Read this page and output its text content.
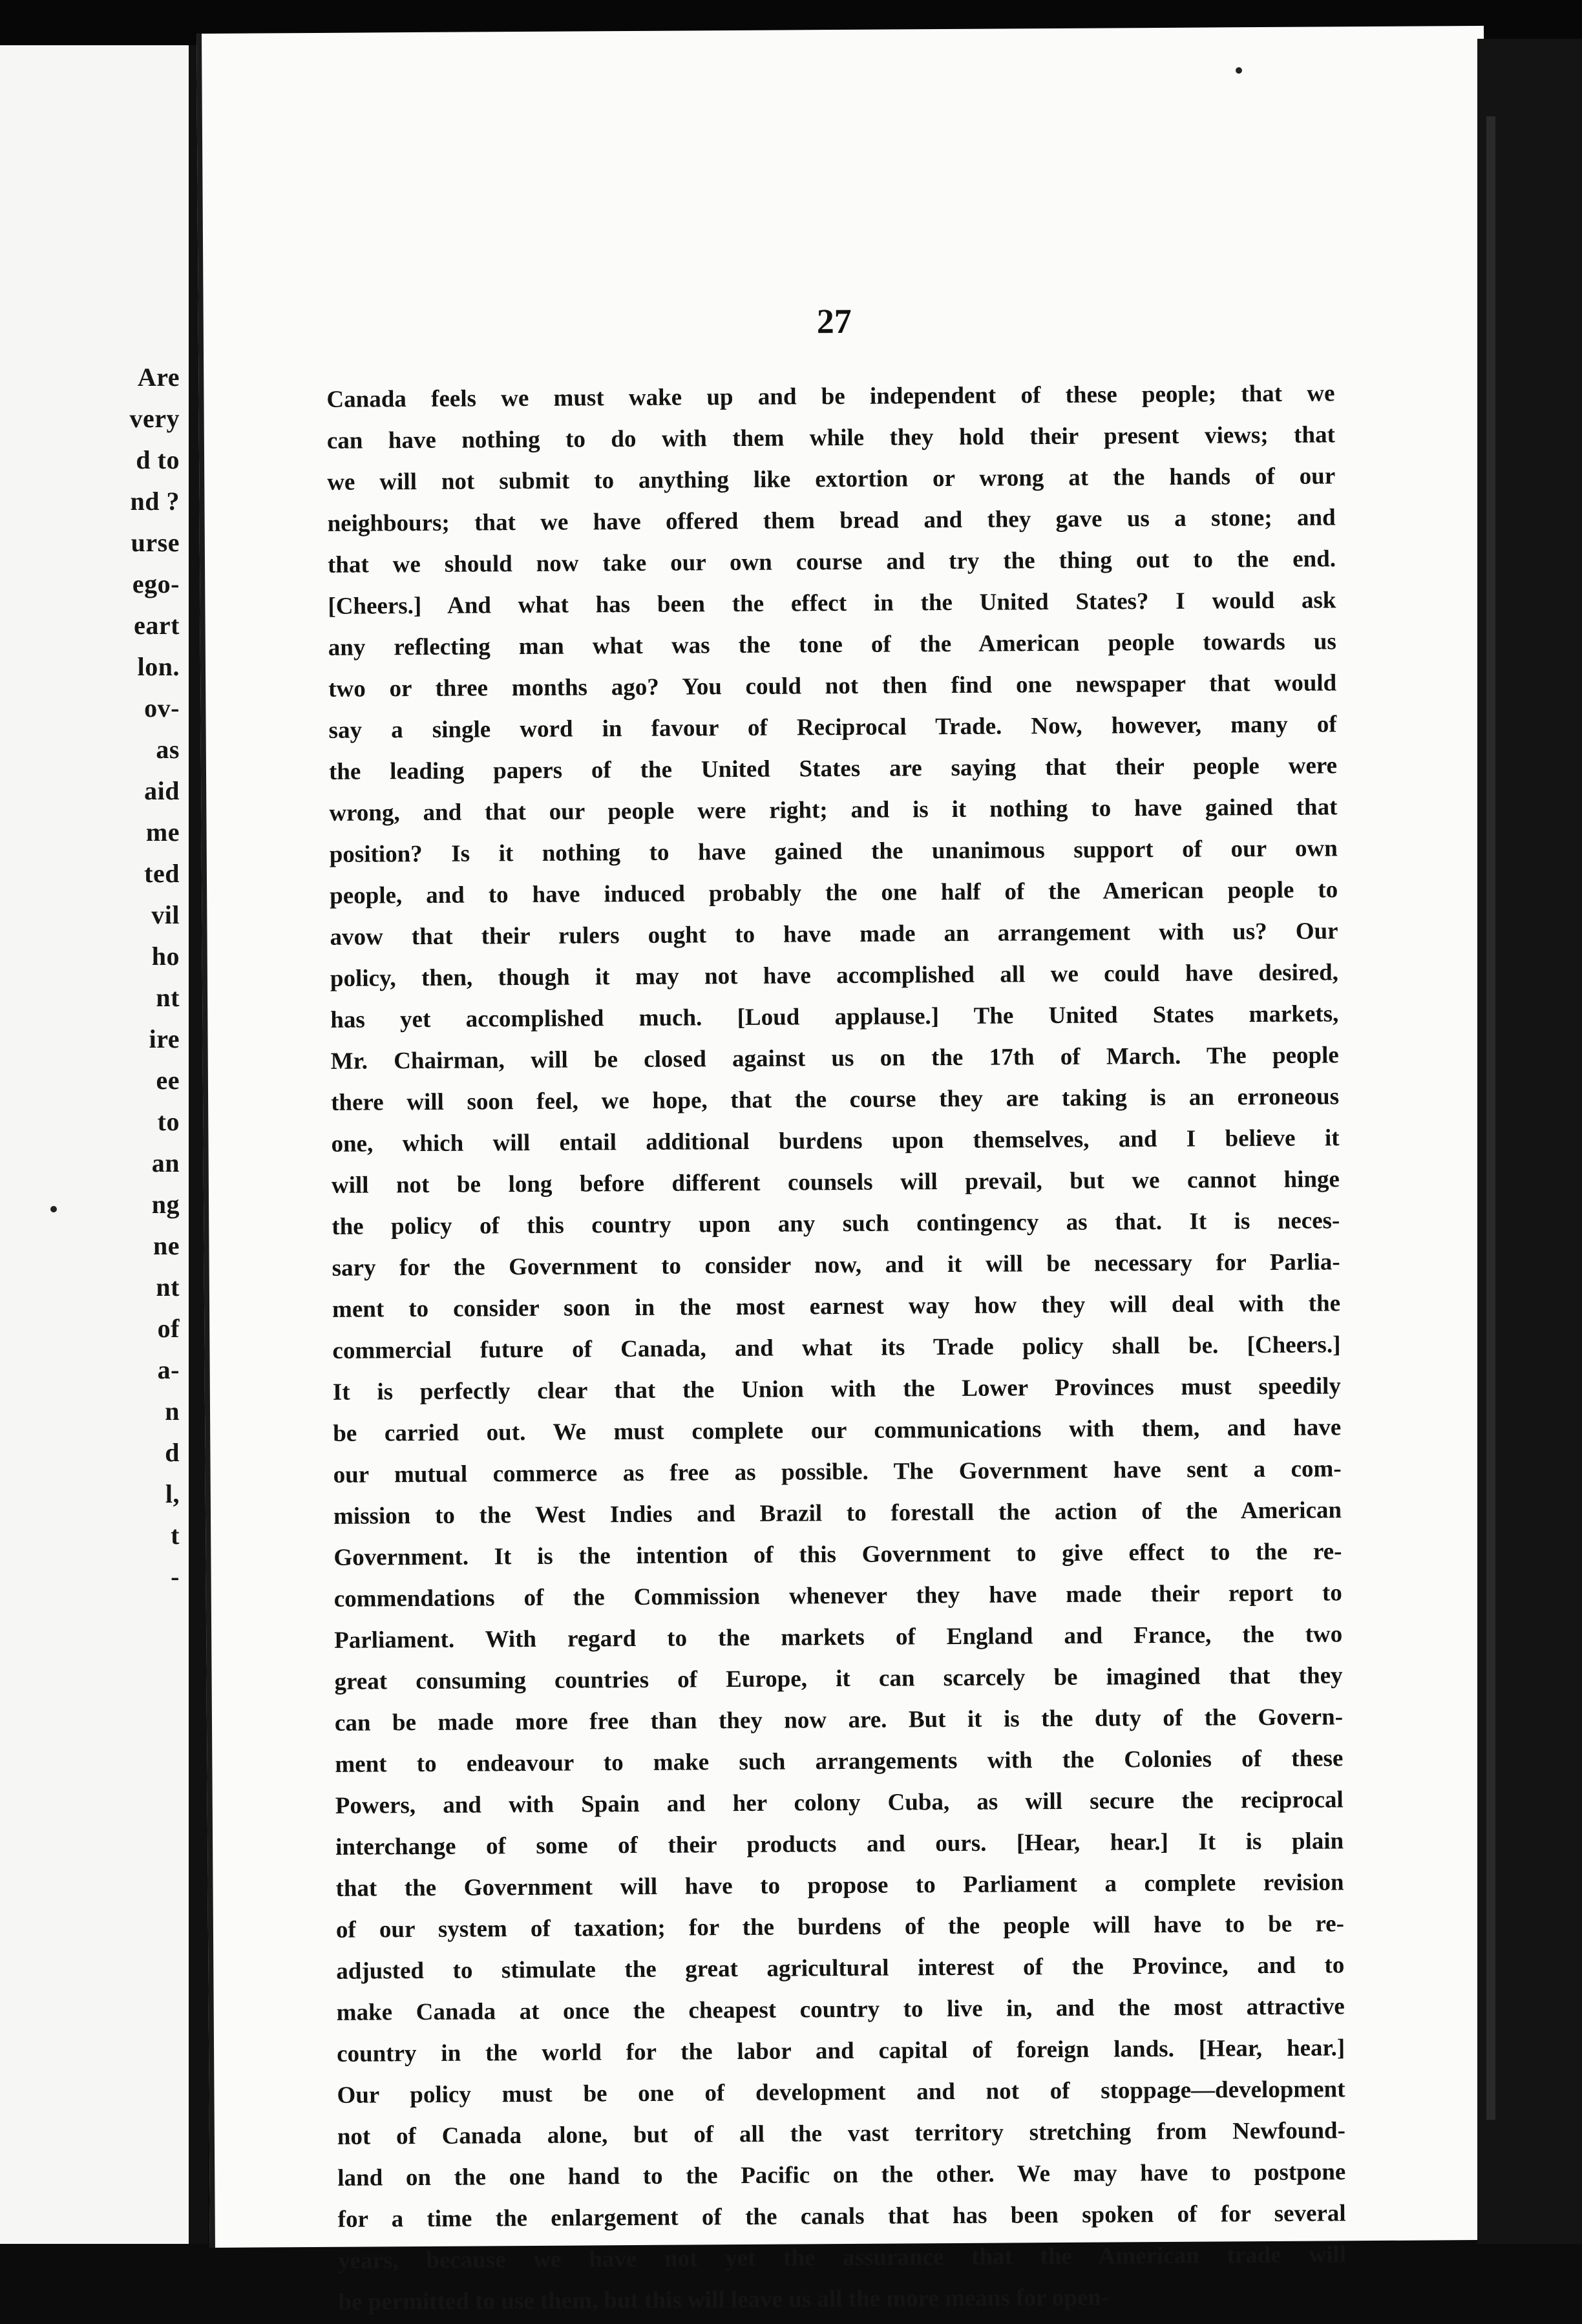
Are
very
d to
nd ?
urse
ego-
eart
lon.
ov-
as
aid
me
ted
vil
ho
nt
ire
ee
to
an
ng
ne
nt
of
a-
n
d
l,
t
-
27
Canada feels we must wake up and be independent of these people; that we
can have nothing to do with them while they hold their present views; that
we will not submit to anything like extortion or wrong at the hands of our
neighbours; that we have offered them bread and they gave us a stone; and
that we should now take our own course and try the thing out to the end.
[Cheers.] And what has been the effect in the United States? I would ask
any reflecting man what was the tone of the American people towards us
two or three months ago? You could not then find one newspaper that would
say a single word in favour of Reciprocal Trade. Now, however, many of
the leading papers of the United States are saying that their people were
wrong, and that our people were right; and is it nothing to have gained that
position? Is it nothing to have gained the unanimous support of our own
people, and to have induced probably the one half of the American people to
avow that their rulers ought to have made an arrangement with us? Our
policy, then, though it may not have accomplished all we could have desired,
has yet accomplished much. [Loud applause.] The United States markets,
Mr. Chairman, will be closed against us on the 17th of March. The people
there will soon feel, we hope, that the course they are taking is an erroneous
one, which will entail additional burdens upon themselves, and I believe it
will not be long before different counsels will prevail, but we cannot hinge
the policy of this country upon any such contingency as that. It is neces-
sary for the Government to consider now, and it will be necessary for Parlia-
ment to consider soon in the most earnest way how they will deal with the
commercial future of Canada, and what its Trade policy shall be. [Cheers.]
It is perfectly clear that the Union with the Lower Provinces must speedily
be carried out. We must complete our communications with them, and have
our mutual commerce as free as possible. The Government have sent a com-
mission to the West Indies and Brazil to forestall the action of the American
Government. It is the intention of this Government to give effect to the re-
commendations of the Commission whenever they have made their report to
Parliament. With regard to the markets of England and France, the two
great consuming countries of Europe, it can scarcely be imagined that they
can be made more free than they now are. But it is the duty of the Govern-
ment to endeavour to make such arrangements with the Colonies of these
Powers, and with Spain and her colony Cuba, as will secure the reciprocal
interchange of some of their products and ours. [Hear, hear.] It is plain
that the Government will have to propose to Parliament a complete revision
of our system of taxation; for the burdens of the people will have to be re-
adjusted to stimulate the great agricultural interest of the Province, and to
make Canada at once the cheapest country to live in, and the most attractive
country in the world for the labor and capital of foreign lands. [Hear, hear.]
Our policy must be one of development and not of stoppage—development
not of Canada alone, but of all the vast territory stretching from Newfound-
land on the one hand to the Pacific on the other. We may have to postpone
for a time the enlargement of the canals that has been spoken of for several
years, because we have not yet the assurance that the American trade will
be permitted to use them, but this will leave us all the more means for open-
